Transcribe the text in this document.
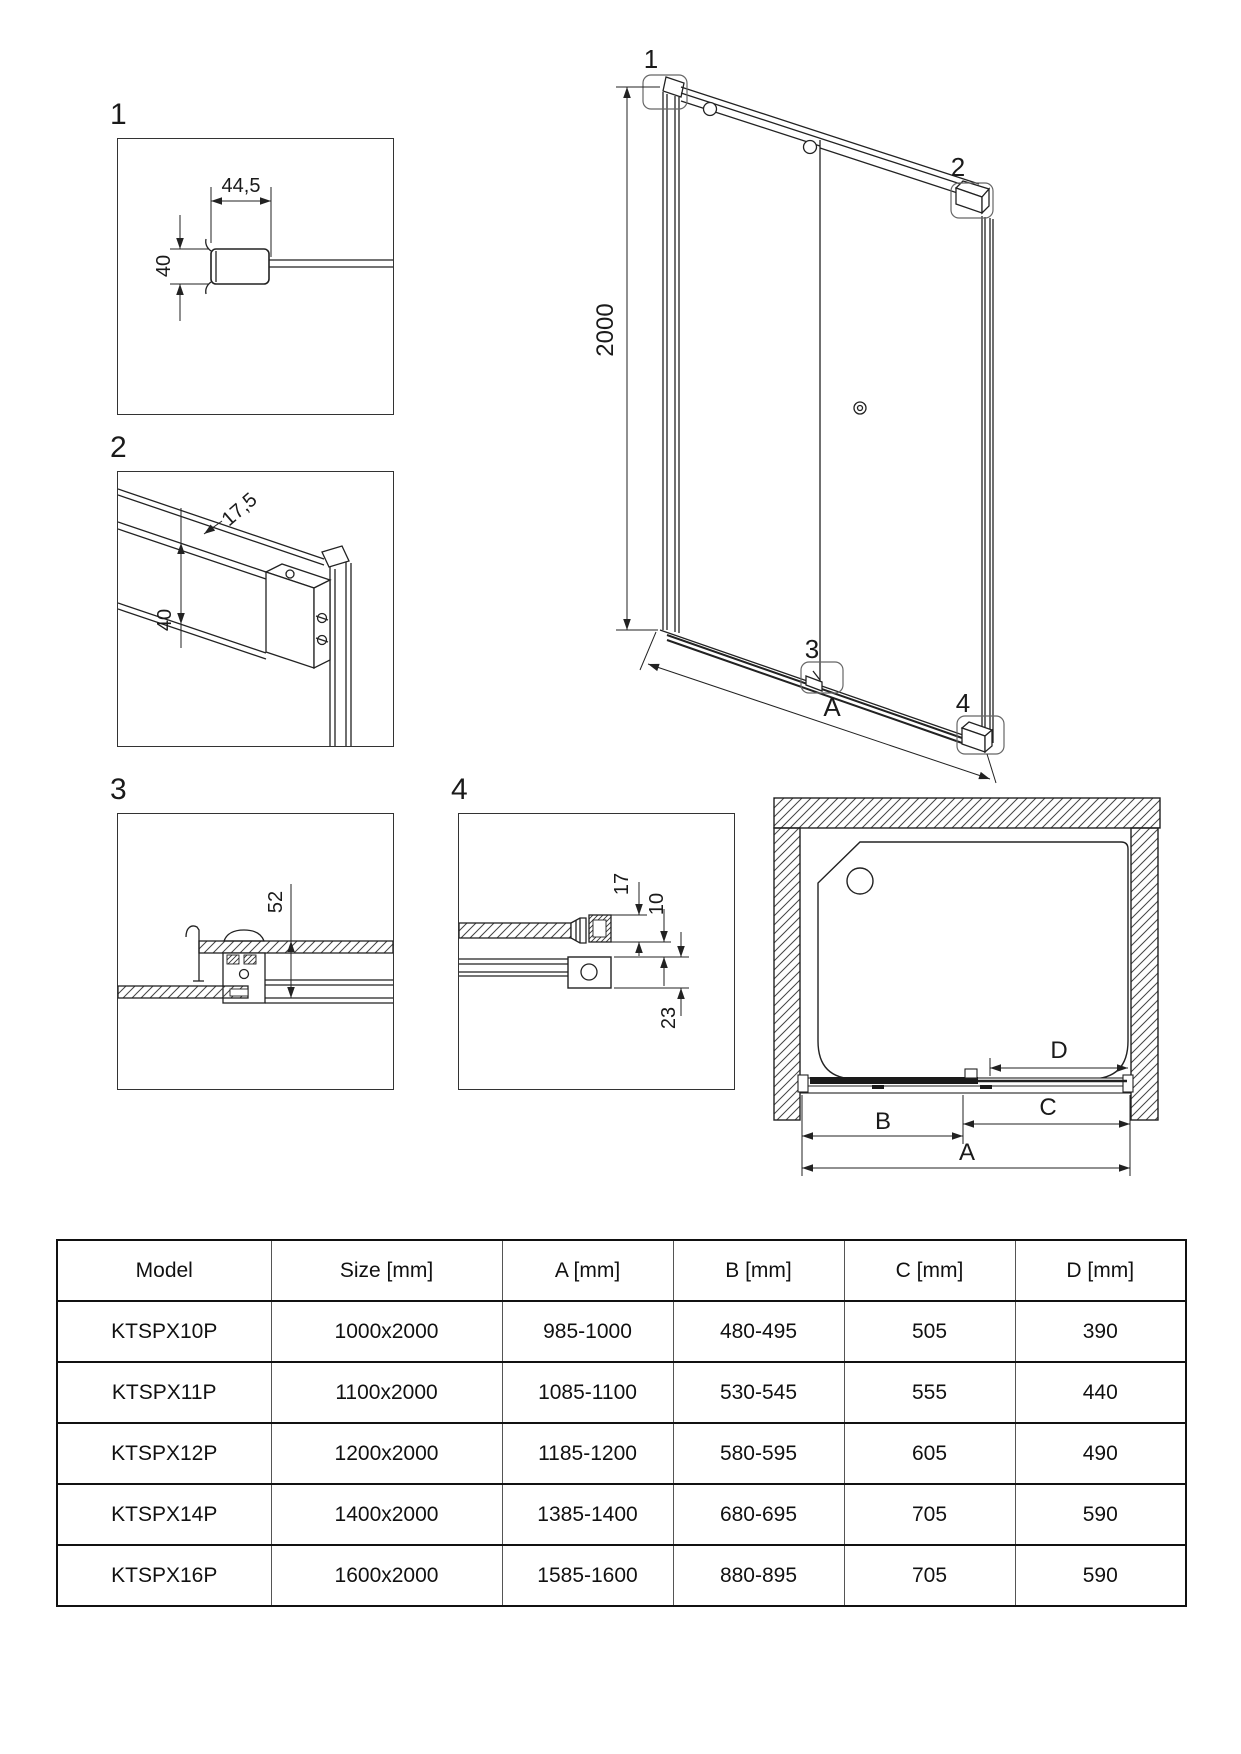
1
44,5
40
2
17,5
40
3
52
4
17
10
23
1
2
3
4
2000
A
D
B
C
A
Model	Size [mm]	A [mm]	B [mm]	C [mm]	D [mm]
KTSPX10P	1000x2000	985-1000	480-495	505	390
KTSPX11P	1100x2000	1085-1100	530-545	555	440
KTSPX12P	1200x2000	1185-1200	580-595	605	490
KTSPX14P	1400x2000	1385-1400	680-695	705	590
KTSPX16P	1600x2000	1585-1600	880-895	705	590
